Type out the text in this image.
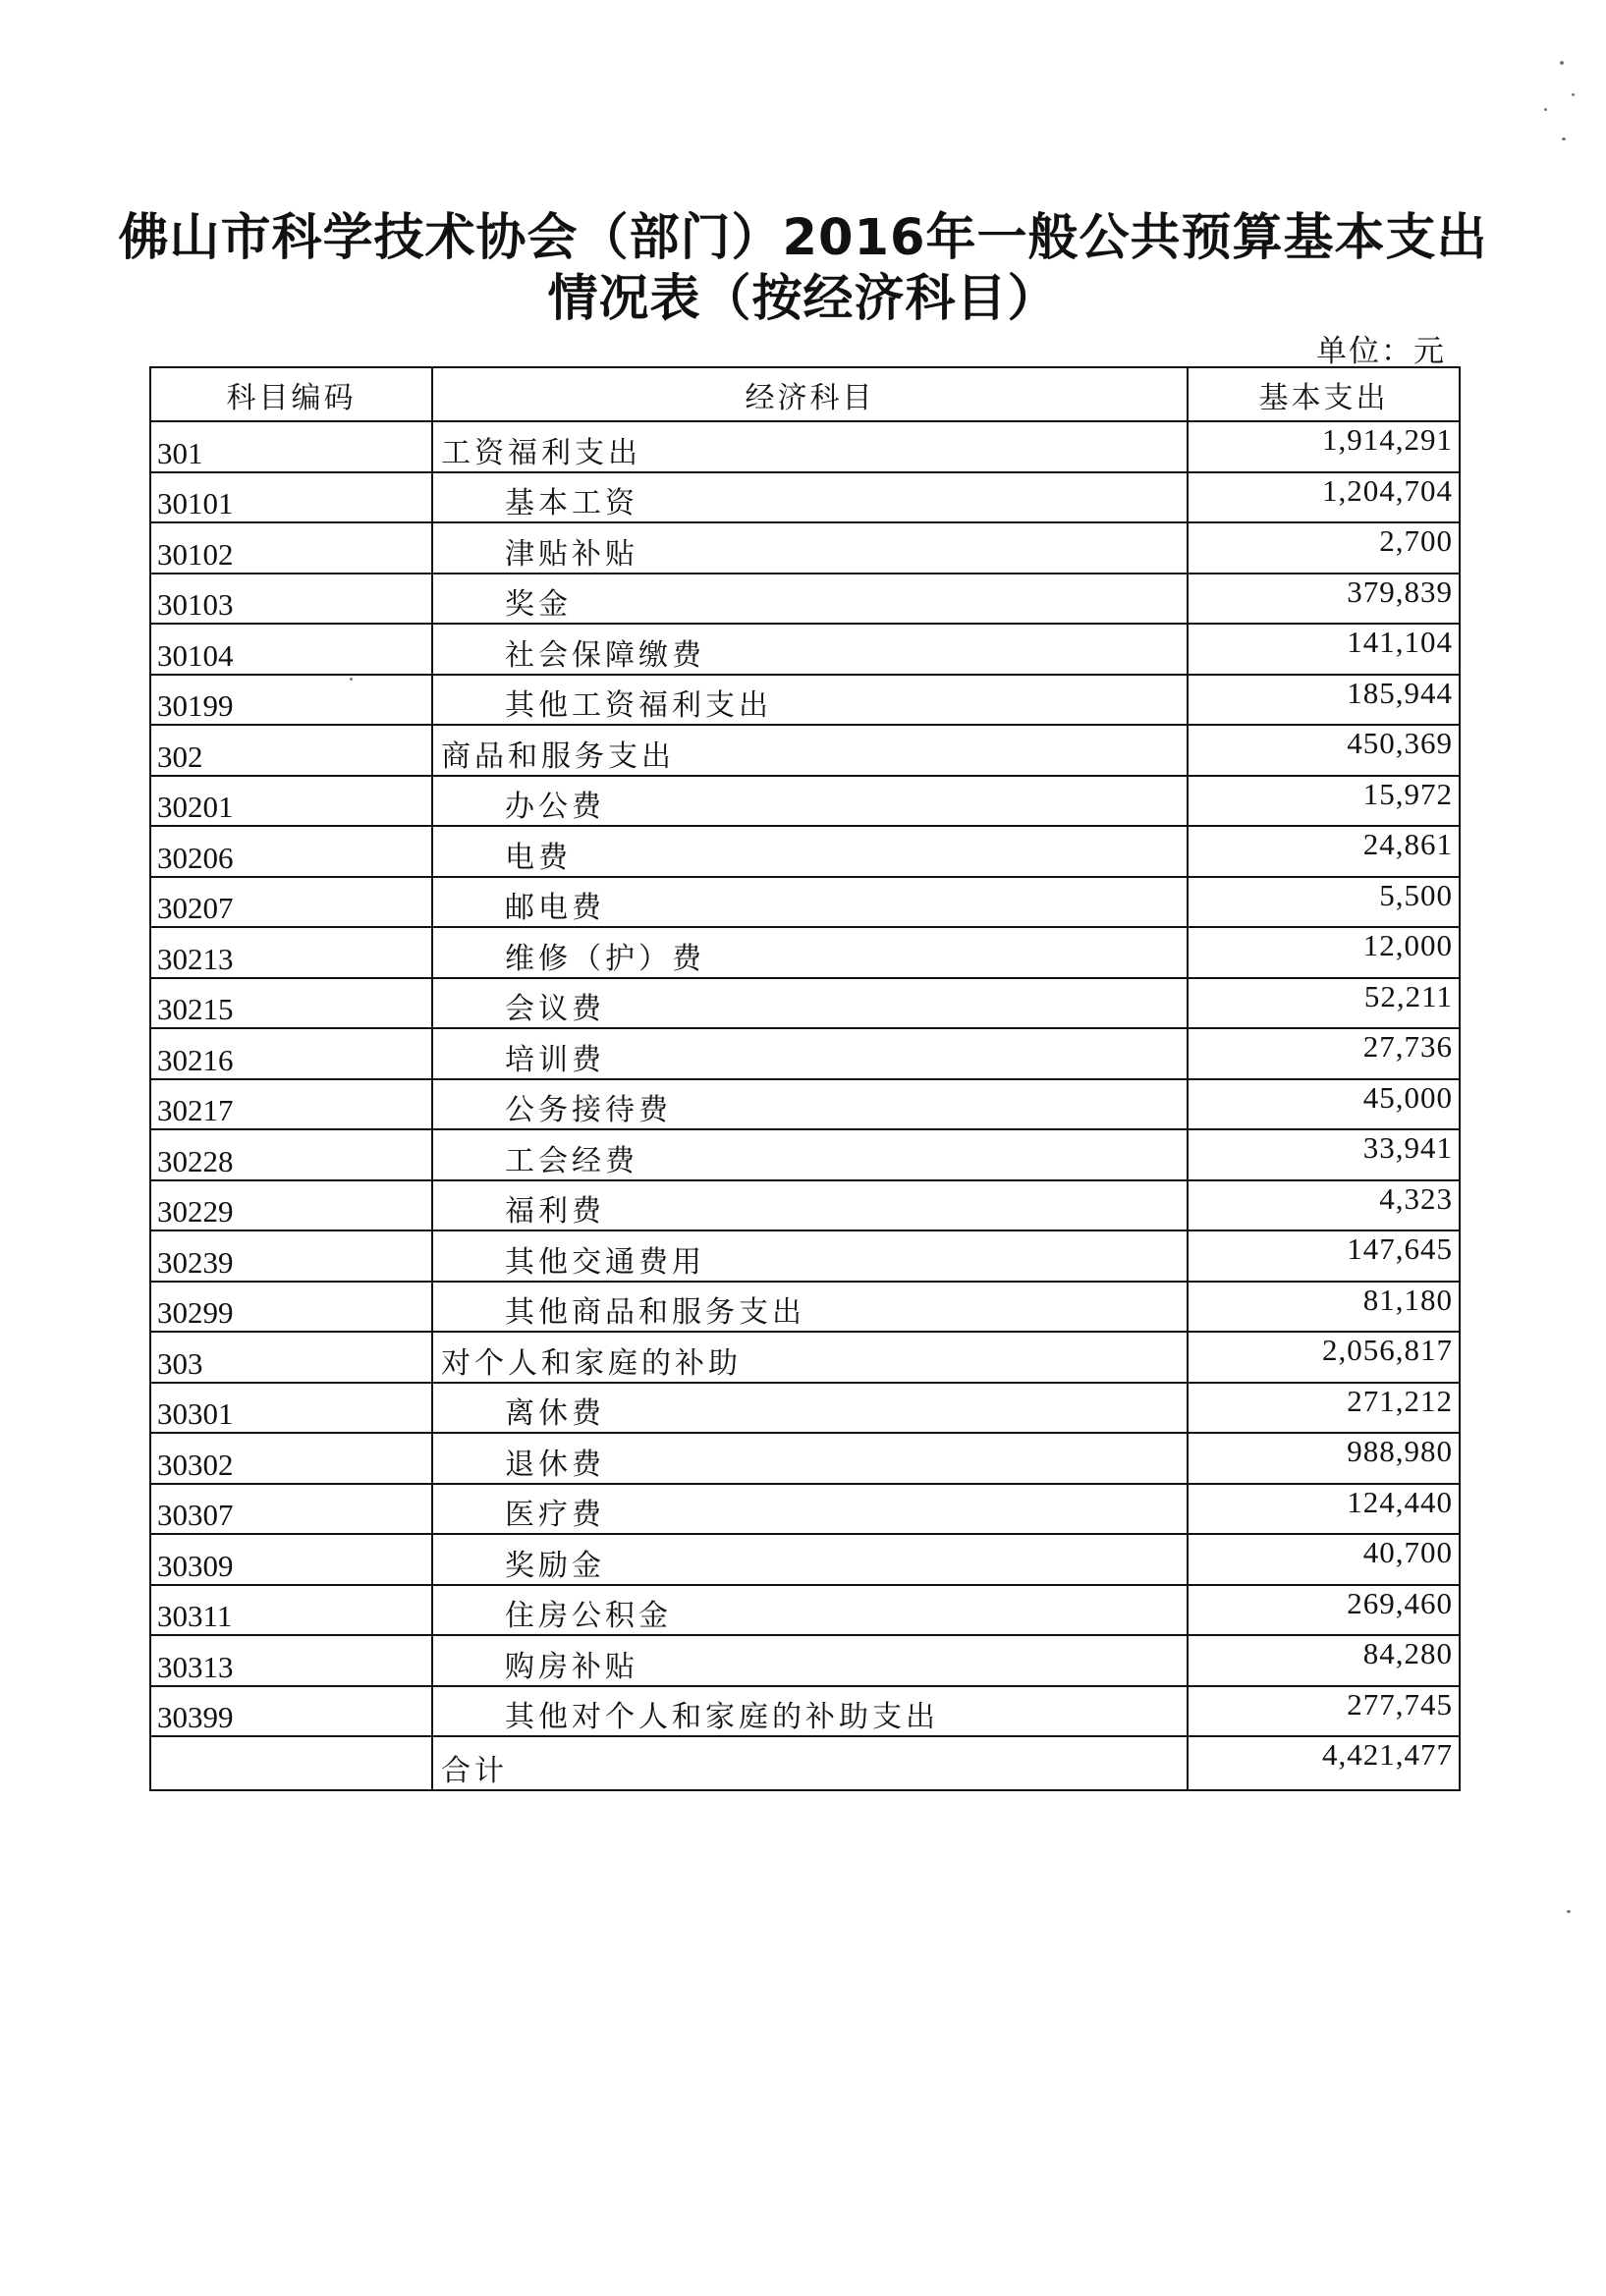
佛山市科学技术协会（部门）2016年一般公共预算基本支出
情况表（按经济科目）
单位：元
科目编码	经济科目	基本支出
301	工资福利支出	1,914,291
30101	基本工资	1,204,704
30102	津贴补贴	2,700
30103	奖金	379,839
30104	社会保障缴费	141,104
30199	其他工资福利支出	185,944
302	商品和服务支出	450,369
30201	办公费	15,972
30206	电费	24,861
30207	邮电费	5,500
30213	维修（护）费	12,000
30215	会议费	52,211
30216	培训费	27,736
30217	公务接待费	45,000
30228	工会经费	33,941
30229	福利费	4,323
30239	其他交通费用	147,645
30299	其他商品和服务支出	81,180
303	对个人和家庭的补助	2,056,817
30301	离休费	271,212
30302	退休费	988,980
30307	医疗费	124,440
30309	奖励金	40,700
30311	住房公积金	269,460
30313	购房补贴	84,280
30399	其他对个人和家庭的补助支出	277,745
	合计	4,421,477
